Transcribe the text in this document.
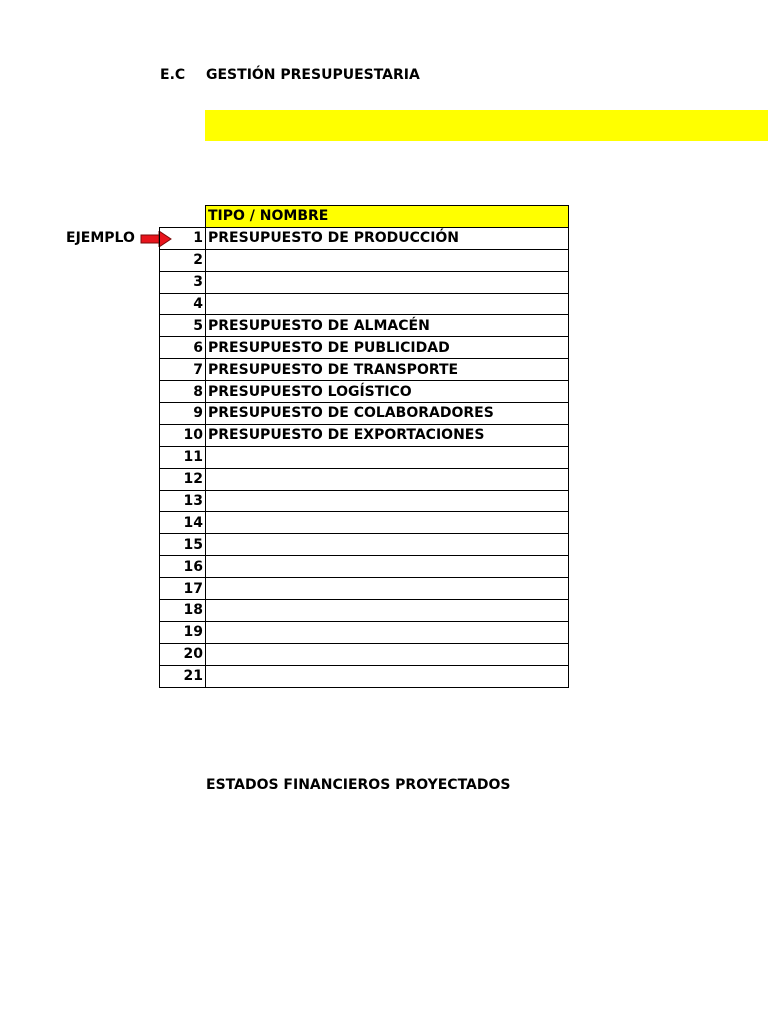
E.C GESTIÓN PRESUPUESTARIA
EJEMPLO
	TIPO / NOMBRE
1	PRESUPUESTO DE PRODUCCIÓN
2	
3	
4	
5	PRESUPUESTO DE ALMACÉN
6	PRESUPUESTO DE PUBLICIDAD
7	PRESUPUESTO DE TRANSPORTE
8	PRESUPUESTO LOGÍSTICO
9	PRESUPUESTO DE COLABORADORES
10	PRESUPUESTO DE EXPORTACIONES
11	
12	
13	
14	
15	
16	
17	
18	
19	
20	
21	
ESTADOS FINANCIEROS PROYECTADOS
